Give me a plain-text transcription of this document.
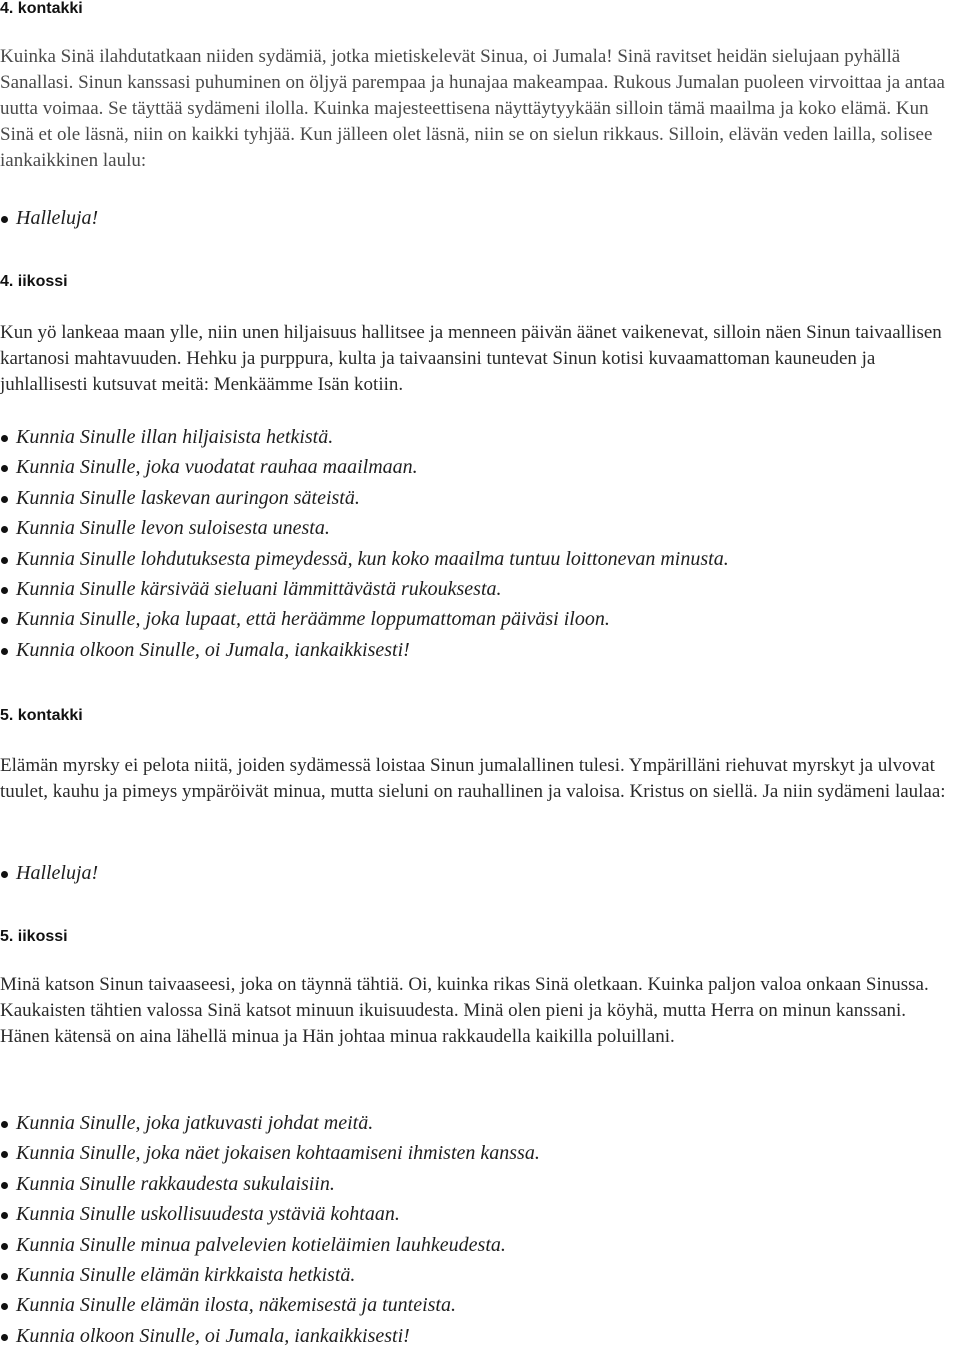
4. kontakki

Kuinka Sinä ilahdutatkaan niiden sydämiä, jotka mietiskelevät Sinua, oi Jumala! Sinä ravitset heidän sielujaan pyhällä Sanallasi. Sinun kanssasi puhuminen on öljyä parempaa ja hunajaa makeampaa. Rukous Jumalan puoleen virvoittaa ja antaa uutta voimaa. Se täyttää sydämeni ilolla. Kuinka majesteettisena näyttäytyykään silloin tämä maailma ja koko elämä. Kun Sinä et ole läsnä, niin on kaikki tyhjää. Kun jälleen olet läsnä, niin se on sielun rikkaus. Silloin, elävän veden lailla, solisee iankaikkinen laulu:

Halleluja!
4. iikossi

Kun yö lankeaa maan ylle, niin unen hiljaisuus hallitsee ja menneen päivän äänet vaikenevat, silloin näen Sinun taivaallisen kartanosi mahtavuuden. Hehku ja purppura, kulta ja taivaansini tuntevat Sinun kotisi kuvaamattoman kauneuden ja juhlallisesti kutsuvat meitä: Menkäämme Isän kotiin.

Kunnia Sinulle illan hiljaisista hetkistä.
Kunnia Sinulle, joka vuodatat rauhaa maailmaan.
Kunnia Sinulle laskevan auringon säteistä.
Kunnia Sinulle levon suloisesta unesta.
Kunnia Sinulle lohdutuksesta pimeydessä, kun koko maailma tuntuu loittonevan minusta.
Kunnia Sinulle kärsivää sieluani lämmittävästä rukouksesta.
Kunnia Sinulle, joka lupaat, että heräämme loppumattoman päiväsi iloon.
Kunnia olkoon Sinulle, oi Jumala, iankaikkisesti!
5. kontakki

Elämän myrsky ei pelota niitä, joiden sydämessä loistaa Sinun jumalallinen tulesi. Ympärilläni riehuvat myrskyt ja ulvovat tuulet, kauhu ja pimeys ympäröivät minua, mutta sieluni on rauhallinen ja valoisa. Kristus on siellä. Ja niin sydämeni laulaa:

Halleluja!
5. iikossi

Minä katson Sinun taivaaseesi, joka on täynnä tähtiä. Oi, kuinka rikas Sinä oletkaan. Kuinka paljon valoa onkaan Sinussa. Kaukaisten tähtien valossa Sinä katsot minuun ikuisuudesta. Minä olen pieni ja köyhä, mutta Herra on minun kanssani. Hänen kätensä on aina lähellä minua ja Hän johtaa minua rakkaudella kaikilla poluillani.

Kunnia Sinulle, joka jatkuvasti johdat meitä.
Kunnia Sinulle, joka näet jokaisen kohtaamiseni ihmisten kanssa.
Kunnia Sinulle rakkaudesta sukulaisiin.
Kunnia Sinulle uskollisuudesta ystäviä kohtaan.
Kunnia Sinulle minua palvelevien kotieläimien lauhkeudesta.
Kunnia Sinulle elämän kirkkaista hetkistä.
Kunnia Sinulle elämän ilosta, näkemisestä ja tunteista.
Kunnia olkoon Sinulle, oi Jumala, iankaikkisesti!
